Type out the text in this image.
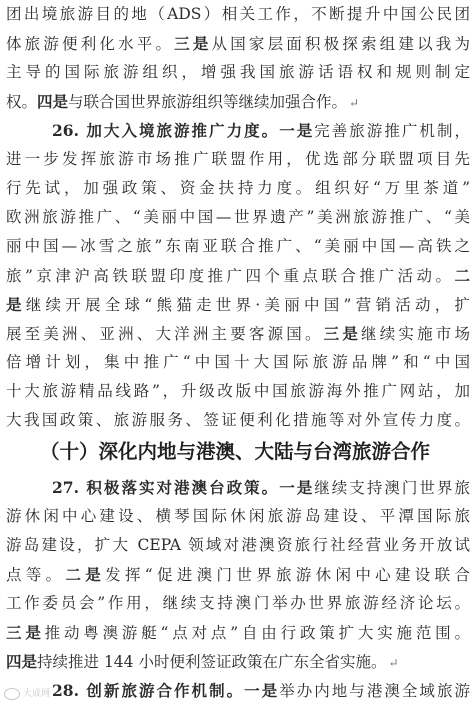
团出境旅游目的地（ADS）相关工作，不断提升中国公民团
体旅游便利化水平。三是从国家层面积极探索组建以我为
主导的国际旅游组织，增强我国旅游话语权和规则制定
权。四是与联合国世界旅游组织等继续加强合作。 ↵
26. 加大入境旅游推广力度。一是完善旅游推广机制，
进一步发挥旅游市场推广联盟作用，优选部分联盟项目先
行先试，加强政策、资金扶持力度。组织好“万里茶道”
欧洲旅游推广、“美丽中国—世界遗产”美洲旅游推广、“美
丽中国—冰雪之旅”东南亚联合推广、“美丽中国—高铁之
旅”京津沪高铁联盟印度推广四个重点联合推广活动。二
是继续开展全球“熊猫走世界·美丽中国”营销活动，扩
展至美洲、亚洲、大洋洲主要客源国。三是继续实施市场
倍增计划，集中推广“中国十大国际旅游品牌”和“中国
十大旅游精品线路”，升级改版中国旅游海外推广网站，加
大我国政策、旅游服务、签证便利化措施等对外宣传力度。
（十）深化内地与港澳、大陆与台湾旅游合作
27. 积极落实对港澳台政策。一是继续支持澳门世界旅
游休闲中心建设、横琴国际休闲旅游岛建设、平潭国际旅
游岛建设，扩大 CEPA 领域对港澳资旅行社经营业务开放试
点等。二是发挥“促进澳门世界旅游休闲中心建设联合
工作委员会”作用，继续支持澳门举办世界旅游经济论坛。
三是推动粤澳游艇“点对点”自由行政策扩大实施范围。
四是持续推进 144 小时便利签证政策在广东全省实施。 ↵
28. 创新旅游合作机制。一是举办内地与港澳全域旅游
大成网
